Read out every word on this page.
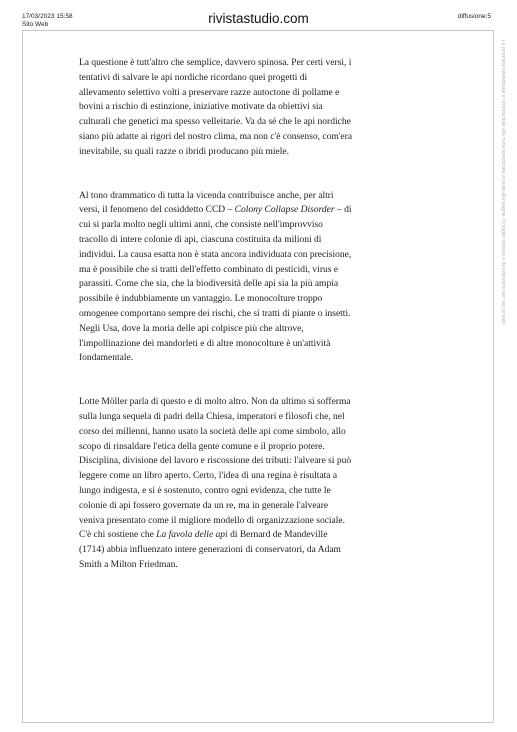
17/03/2023 15:58
Sito Web	rivistastudio.com	diffusione:5
La proprietà intellettuale è riconducibile alla fonte specificata in testa alla pagina. Il ritaglio stampa è da intendersi per uso privato

La questione è tutt'altro che semplice, davvero spinosa. Per certi versi, i tentativi di salvare le api nordiche ricordano quei progetti di allevamento selettivo volti a preservare razze autoctone di pollame e bovini a rischio di estinzione, iniziative motivate da obiettivi sia culturali che genetici ma spesso velleitarie. Va da sé che le api nordiche siano più adatte ai rigori del nostro clima, ma non c'è consenso, com'era inevitabile, su quali razze o ibridi producano più miele.

Al tono drammatico di tutta la vicenda contribuisce anche, per altri versi, il fenomeno del cosiddetto CCD – Colony Collapse Disorder – di cui si parla molto negli ultimi anni, che consiste nell'improvviso tracollo di intere colonie di api, ciascuna costituita da milioni di individui. La causa esatta non è stata ancora individuata con precisione, ma è possibile che si tratti dell'effetto combinato di pesticidi, virus e parassiti. Come che sia, che la biodiversità delle api sia la più ampia possibile è indubbiamente un vantaggio. Le monocolture troppo omogenee comportano sempre dei rischi, che si tratti di piante o insetti. Negli Usa, dove la moria delle api colpisce più che altrove, l'impollinazione dei mandorleti e di altre monocolture è un'attività fondamentale.

Lotte Möller parla di questo e di molto altro. Non da ultimo si sofferma sulla lunga sequela di padri della Chiesa, imperatori e filosofi che, nel corso dei millenni, hanno usato la società delle api come simbolo, allo scopo di rinsaldare l'etica della gente comune e il proprio potere. Disciplina, divisione del lavoro e riscossione dei tributi: l'alveare si può leggere come un libro aperto. Certo, l'idea di una regina è risultata a lungo indigesta, e si è sostenuto, contro ogni evidenza, che tutte le colonie di api fossero governate da un re, ma in generale l'alveare veniva presentato come il migliore modello di organizzazione sociale. C'è chi sostiene che La favola delle api di Bernard de Mandeville (1714) abbia influenzato intere generazioni di conservatori, da Adam Smith a Milton Friedman.
